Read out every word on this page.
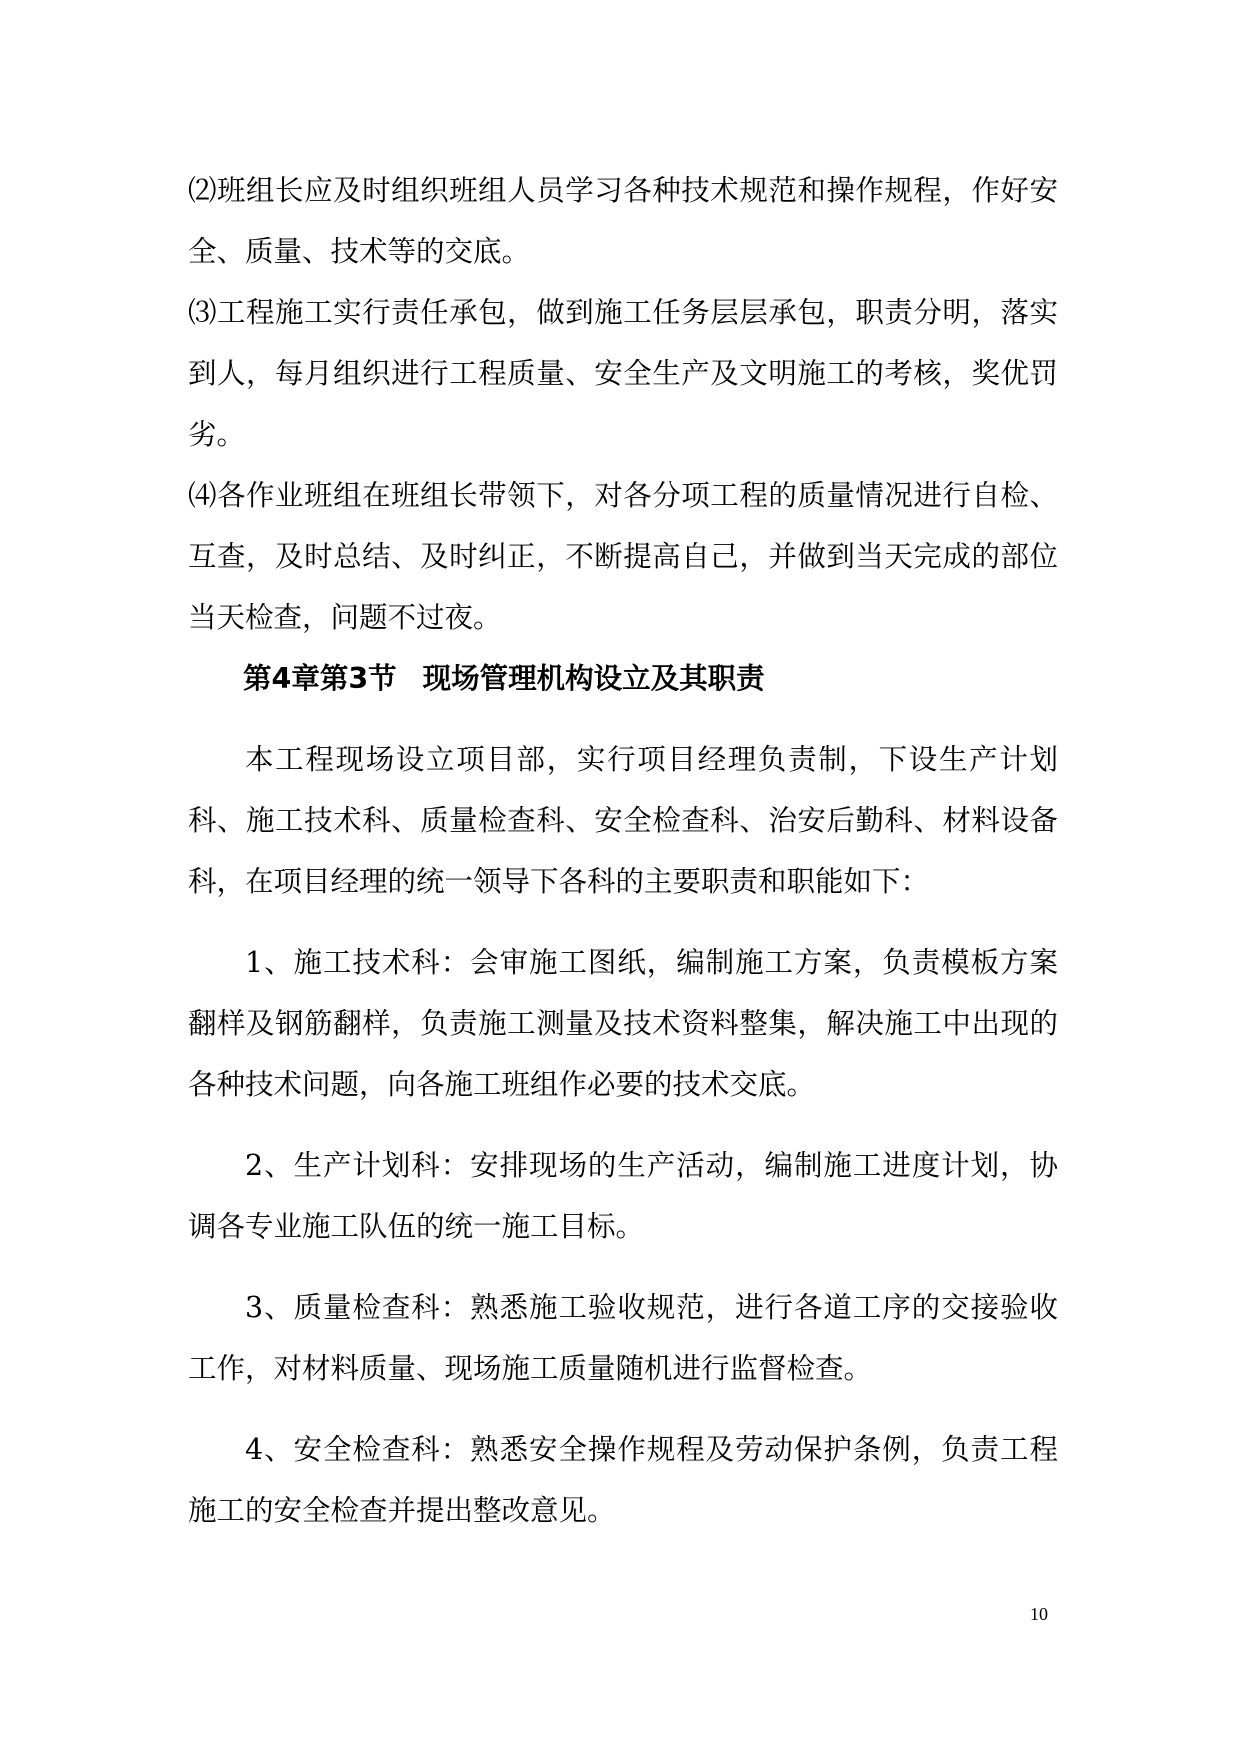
⑵班组长应及时组织班组人员学习各种技术规范和操作规程，作好安全、质量、技术等的交底。

⑶工程施工实行责任承包，做到施工任务层层承包，职责分明，落实到人，每月组织进行工程质量、安全生产及文明施工的考核，奖优罚劣。

⑷各作业班组在班组长带领下，对各分项工程的质量情况进行自检、互查，及时总结、及时纠正，不断提高自己，并做到当天完成的部位当天检查，问题不过夜。

第4章第3节 现场管理机构设立及其职责

本工程现场设立项目部，实行项目经理负责制，下设生产计划科、施工技术科、质量检查科、安全检查科、治安后勤科、材料设备科，在项目经理的统一领导下各科的主要职责和职能如下：

1、施工技术科：会审施工图纸，编制施工方案，负责模板方案翻样及钢筋翻样，负责施工测量及技术资料整集，解决施工中出现的各种技术问题，向各施工班组作必要的技术交底。

2、生产计划科：安排现场的生产活动，编制施工进度计划，协调各专业施工队伍的统一施工目标。

3、质量检查科：熟悉施工验收规范，进行各道工序的交接验收工作，对材料质量、现场施工质量随机进行监督检查。

4、安全检查科：熟悉安全操作规程及劳动保护条例，负责工程施工的安全检查并提出整改意见。

10
